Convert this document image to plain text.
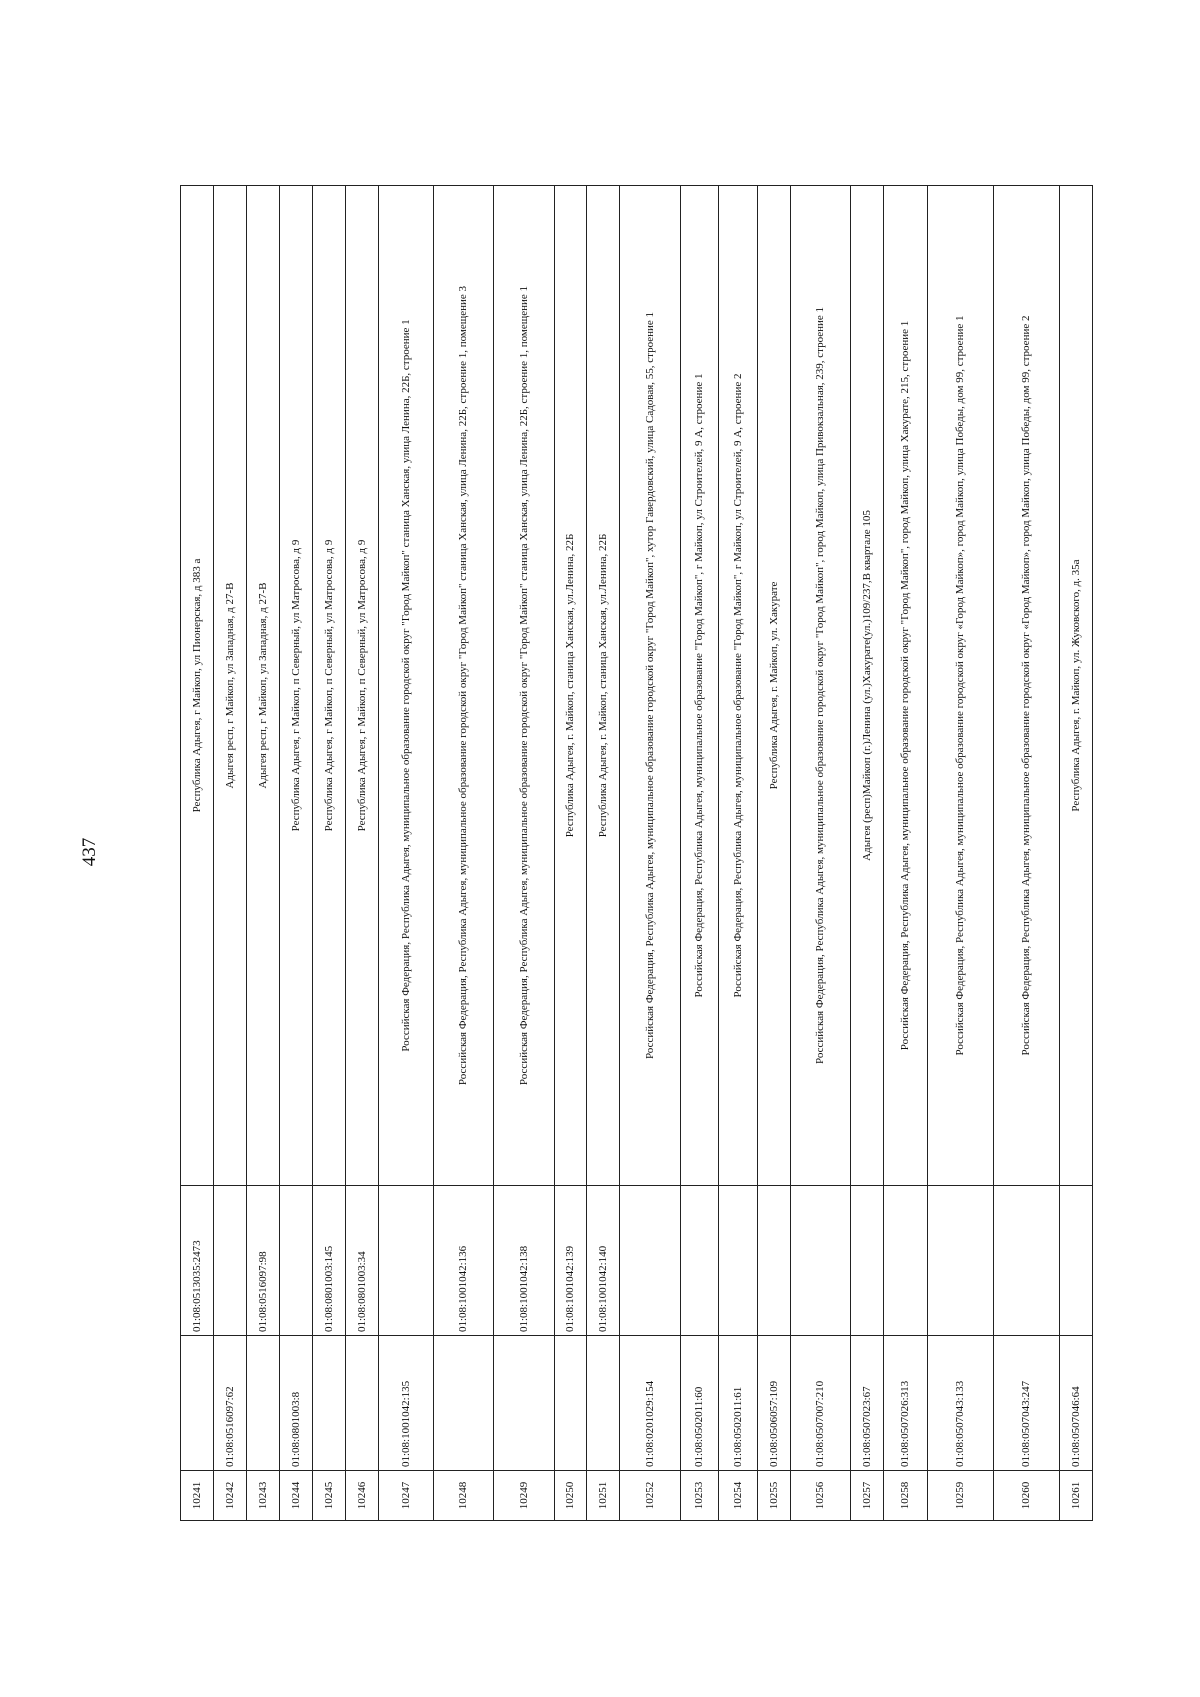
437
10241		01:08:0513035:2473	Республика Адыгея, г Майкоп, ул Пионерская, д 383 а
10242	01:08:0516097:62		Адыгея респ, г Майкоп, ул Западная, д 27-В
10243		01:08:0516097:98	Адыгея респ, г Майкоп, ул Западная, д 27-В
10244	01:08:0801003:8		Республика Адыгея, г Майкоп, п Северный, ул Матросова, д 9
10245		01:08:0801003:145	Республика Адыгея, г Майкоп, п Северный, ул Матросова, д 9
10246		01:08:0801003:34	Республика Адыгея, г Майкоп, п Северный, ул Матросова, д 9
10247	01:08:1001042:135		Российская Федерация, Республика Адыгея, муниципальное образование городской округ "Город Майкоп" станица Ханская, улица Ленина, 22Б, строение 1
10248		01:08:1001042:136	Российская Федерация, Республика Адыгея, муниципальное образование городской округ "Город Майкоп" станица Ханская, улица Ленина, 22Б, строение 1, помещение 3
10249		01:08:1001042:138	Российская Федерация, Республика Адыгея, муниципальное образование городской округ "Город Майкоп" станица Ханская, улица Ленина, 22Б, строение 1, помещение 1
10250		01:08:1001042:139	Республика Адыгея, г. Майкоп, станица Ханская, ул.Ленина, 22Б
10251		01:08:1001042:140	Республика Адыгея, г. Майкоп, станица Ханская, ул.Ленина, 22Б
10252	01:08:0201029:154		Российская Федерация, Республика Адыгея, муниципальное образование городской округ "Город Майкоп", хутор Гавердовский, улица Садовая, 55, строение 1
10253	01:08:0502011:60		Российская Федерация, Республика Адыгея, муниципальное образование "Город Майкоп", г Майкоп, ул Строителей, 9 А, строение 1
10254	01:08:0502011:61		Российская Федерация, Республика Адыгея, муниципальное образование "Город Майкоп", г Майкоп, ул Строителей, 9 А, строение 2
10255	01:08:0506057:109		Республика Адыгея, г. Майкоп, ул. Хакурате
10256	01:08:0507007:210		Российская Федерация, Республика Адыгея, муниципальное образование городской округ "Город Майкоп", город Майкоп, улица Привокзальная, 239, строение 1
10257	01:08:0507023:67		Адыгея (респ)Майкоп (г.)Ленина (ул.)Хакурате(ул.)109/237,В квартале 105
10258	01:08:0507026:313		Российская Федерация, Республика Адыгея, муниципальное образование городской округ "Город Майкоп", город Майкоп, улица Хакурате, 215, строение 1
10259	01:08:0507043:133		Российская Федерация, Республика Адыгея, муниципальное образование городской округ «Город Майкоп», город Майкоп, улица Победы, дом 99, строение 1
10260	01:08:0507043:247		Российская Федерация, Республика Адыгея, муниципальное образование городской округ «Город Майкоп», город Майкоп, улица Победы, дом 99, строение 2
10261	01:08:0507046:64		Республика Адыгея, г. Майкоп, ул. Жуковского, д. 35а
